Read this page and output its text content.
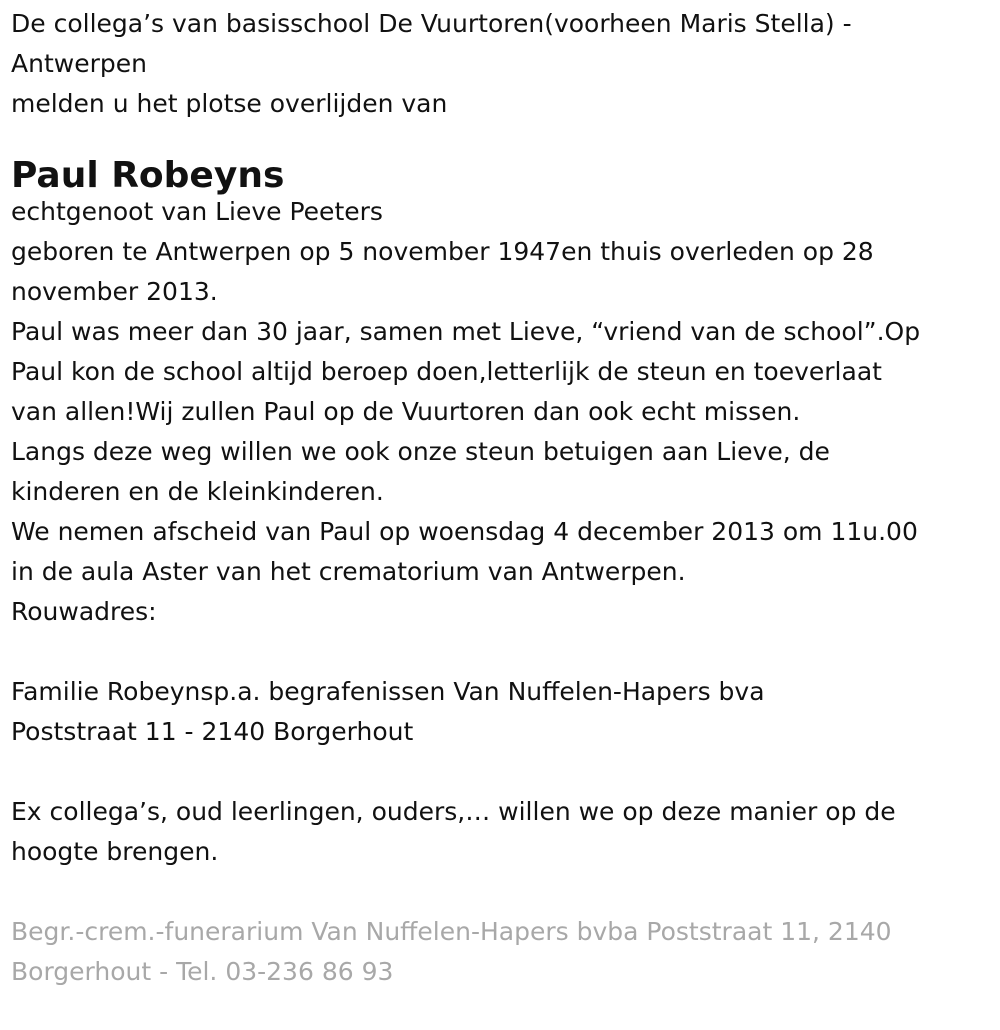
De collega’s van basisschool De Vuurtoren(voorheen Maris Stella) -
Antwerpen
melden u het plotse overlijden van
Paul Robeyns
echtgenoot van Lieve Peeters
geboren te Antwerpen op 5 november 1947en thuis overleden op 28
november 2013.
Paul was meer dan 30 jaar, samen met Lieve, “vriend van de school”.Op
Paul kon de school altijd beroep doen,letterlijk de steun en toeverlaat
van allen!Wij zullen Paul op de Vuurtoren dan ook echt missen.
Langs deze weg willen we ook onze steun betuigen aan Lieve, de
kinderen en de kleinkinderen.
We nemen afscheid van Paul op woensdag 4 december 2013 om 11u.00
in de aula Aster van het crematorium van Antwerpen.
Rouwadres:
Familie Robeynsp.a. begrafenissen Van Nuffelen-Hapers bva
Poststraat 11 - 2140 Borgerhout
Ex collega’s, oud leerlingen, ouders,… willen we op deze manier op de
hoogte brengen.
Begr.-crem.-funerarium Van Nuffelen-Hapers bvba Poststraat 11, 2140
Borgerhout - Tel. 03-236 86 93
